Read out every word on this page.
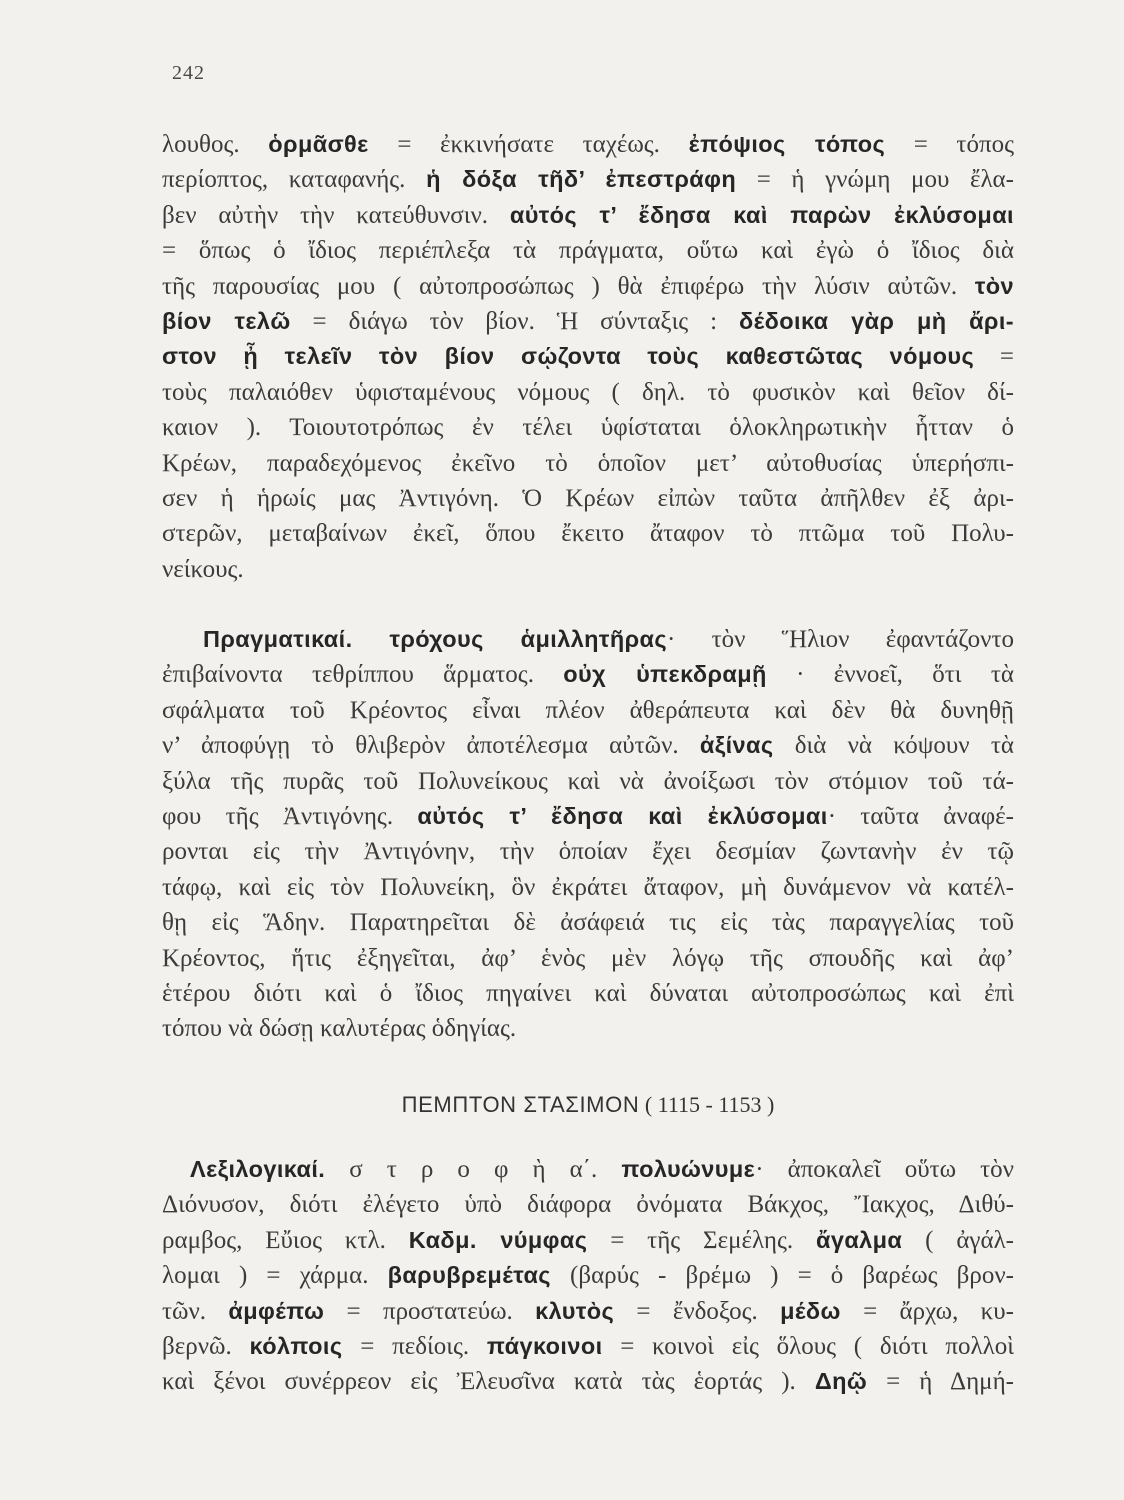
242
λουθος. ὁρμᾶσθε = ἐκκινήσατε ταχέως. ἐπόψιος τόπος = τόπος
περίοπτος, καταφανής. ἡ δόξα τῆδ’ ἐπεστράφη = ἡ γνώμη μου ἔλα-
βεν αὐτὴν τὴν κατεύθυνσιν. αὐτός τ’ ἔδησα καὶ παρὼν ἐκλύσομαι
= ὅπως ὁ ἴδιος περιέπλεξα τὰ πράγματα, οὕτω καὶ ἐγὼ ὁ ἴδιος διὰ
τῆς παρουσίας μου ( αὐτοπροσώπως ) θὰ ἐπιφέρω τὴν λύσιν αὐτῶν. τὸν
βίον τελῶ = διάγω τὸν βίον. Ἡ σύνταξις : δέδοικα γὰρ μὴ ἄρι-
στον ᾖ τελεῖν τὸν βίον σῴζοντα τοὺς καθεστῶτας νόμους =
τοὺς παλαιόθεν ὑφισταμένους νόμους ( δηλ. τὸ φυσικὸν καὶ θεῖον δί-
καιον ). Τοιουτοτρόπως ἐν τέλει ὑφίσταται ὁλοκληρωτικὴν ἧτταν ὁ
Κρέων, παραδεχόμενος ἐκεῖνο τὸ ὁποῖον μετ’ αὐτοθυσίας ὑπερήσπι-
σεν ἡ ἡρωίς μας Ἀντιγόνη. Ὁ Κρέων εἰπὼν ταῦτα ἀπῆλθεν ἐξ ἀρι-
στερῶν, μεταβαίνων ἐκεῖ, ὅπου ἔκειτο ἄταφον τὸ πτῶμα τοῦ Πολυ-
νείκους.
Πραγματικαί. τρόχους ἁμιλλητῆρας· τὸν Ἥλιον ἐφαντάζοντο
ἐπιβαίνοντα τεθρίππου ἅρματος. οὐχ ὑπεκδραμῇ · ἐννοεῖ, ὅτι τὰ
σφάλματα τοῦ Κρέοντος εἶναι πλέον ἀθεράπευτα καὶ δὲν θὰ δυνηθῇ
ν’ ἀποφύγῃ τὸ θλιβερὸν ἀποτέλεσμα αὐτῶν. ἀξίνας διὰ νὰ κόψουν τὰ
ξύλα τῆς πυρᾶς τοῦ Πολυνείκους καὶ νὰ ἀνοίξωσι τὸν στόμιον τοῦ τά-
φου τῆς Ἀντιγόνης. αὐτός τ’ ἔδησα καὶ ἐκλύσομαι· ταῦτα ἀναφέ-
ρονται εἰς τὴν Ἀντιγόνην, τὴν ὁποίαν ἔχει δεσμίαν ζωντανὴν ἐν τῷ
τάφῳ, καὶ εἰς τὸν Πολυνείκη, ὃν ἐκράτει ἄταφον, μὴ δυνάμενον νὰ κατέλ-
θῃ εἰς Ἅδην. Παρατηρεῖται δὲ ἀσάφειά τις εἰς τὰς παραγγελίας τοῦ
Κρέοντος, ἥτις ἐξηγεῖται, ἀφ’ ἑνὸς μὲν λόγῳ τῆς σπουδῆς καὶ ἀφ’
ἑτέρου διότι καὶ ὁ ἴδιος πηγαίνει καὶ δύναται αὐτοπροσώπως καὶ ἐπὶ
τόπου νὰ δώσῃ καλυτέρας ὁδηγίας.
ΠΕΜΠΤΟΝ ΣΤΑΣΙΜΟΝ ( 1115 - 1153 )
Λεξιλογικαί. σ τ ρ ο φ ὴ α΄. πολυώνυμε· ἀποκαλεῖ οὕτω τὸν
Διόνυσον, διότι ἐλέγετο ὑπὸ διάφορα ὀνόματα Βάκχος, Ἴακχος, Διθύ-
ραμβος, Εὔιος κτλ. Καδμ. νύμφας = τῆς Σεμέλης. ἄγαλμα ( ἀγάλ-
λομαι ) = χάρμα. βαρυβρεμέτας (βαρύς - βρέμω ) = ὁ βαρέως βρον-
τῶν. ἀμφέπω = προστατεύω. κλυτὸς = ἔνδοξος. μέδω = ἄρχω, κυ-
βερνῶ. κόλποις = πεδίοις. πάγκοινοι = κοινοὶ εἰς ὅλους ( διότι πολλοὶ
καὶ ξένοι συνέρρεον εἰς Ἐλευσῖνα κατὰ τὰς ἑορτάς ). Δηῷ = ἡ Δημή-
